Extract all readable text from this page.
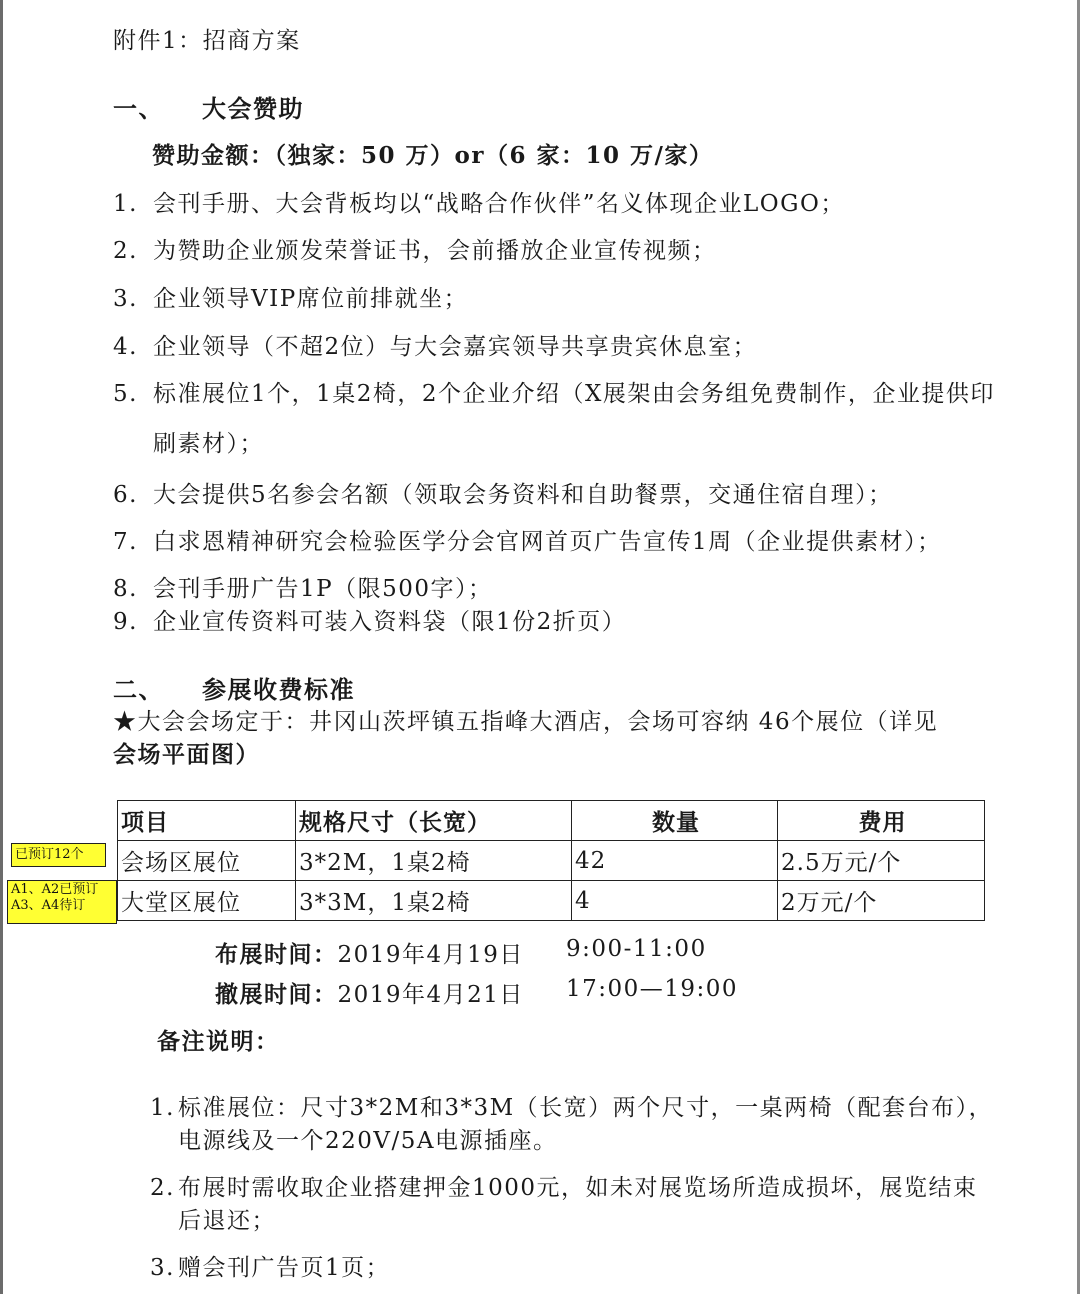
附件1：招商方案
一、 大会赞助
赞助金额：（独家：50 万）or（6 家：10 万/家）
1. 会刊手册、大会背板均以“战略合作伙伴”名义体现企业LOGO；
2. 为赞助企业颁发荣誉证书，会前播放企业宣传视频；
3. 企业领导VIP席位前排就坐；
4. 企业领导（不超2位）与大会嘉宾领导共享贵宾休息室；
5. 标准展位1个，1桌2椅，2个企业介绍（X展架由会务组免费制作，企业提供印
刷素材）；
6. 大会提供5名参会名额（领取会务资料和自助餐票，交通住宿自理）；
7. 白求恩精神研究会检验医学分会官网首页广告宣传1周（企业提供素材）；
8. 会刊手册广告1P（限500字）；
9. 企业宣传资料可装入资料袋（限1份2折页）
二、 参展收费标准
★大会会场定于：井冈山茨坪镇五指峰大酒店，会场可容纳 46个展位（详见
会场平面图）
项目	规格尺寸（长宽）	数量	费用
会场区展位	3*2M，1桌2椅	42	2.5万元/个
大堂区展位	3*3M，1桌2椅	4	2万元/个
已预订12个
A1、A2已预订
A3、A4待订
布展时间：2019年4月19日 9:00-11:00
撤展时间：2019年4月21日 17:00—19:00
备注说明：
1. 标准展位：尺寸3*2M和3*3M（长宽）两个尺寸，一桌两椅（配套台布），
电源线及一个220V/5A电源插座。
2. 布展时需收取企业搭建押金1000元，如未对展览场所造成损坏，展览结束
后退还；
3. 赠会刊广告页1页；
